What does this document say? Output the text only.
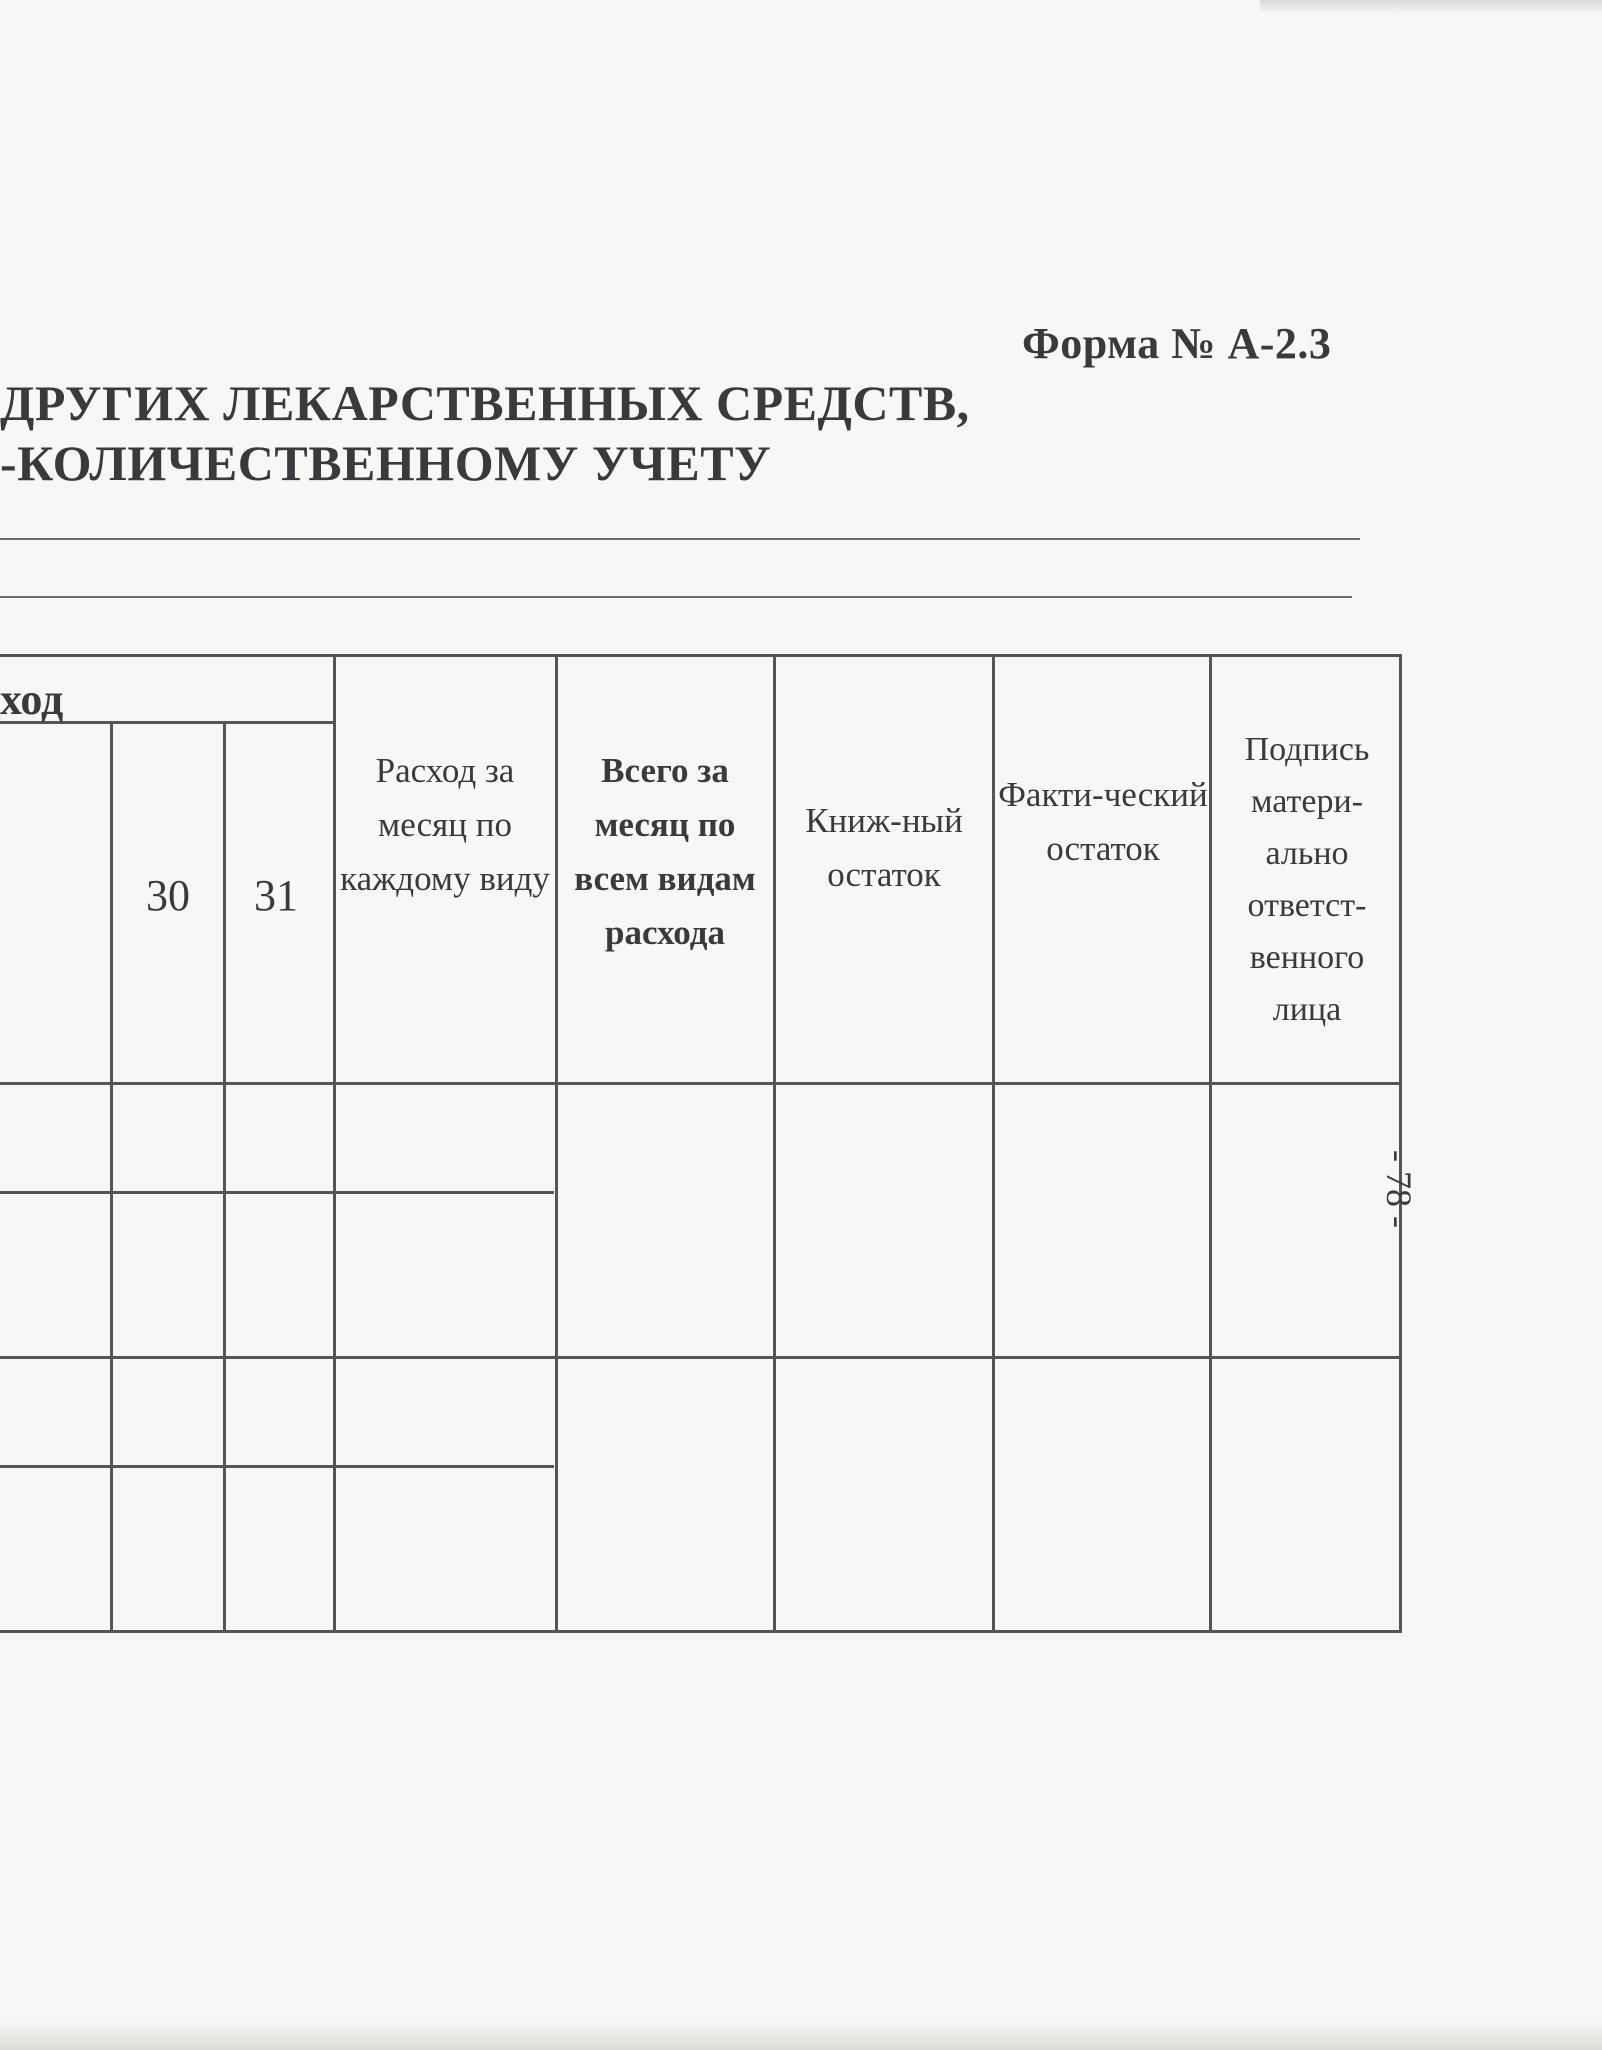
Форма № А-2.3
ДРУГИХ ЛЕКАРСТВЕННЫХ СРЕДСТВ,
-КОЛИЧЕСТВЕННОМУ УЧЕТУ
ход
30 31
Расход за месяц по каждому виду
Всего за месяц по всем видам расхода
Книж-ный остаток
Факти-ческий остаток
Подпись матери-ально ответст-венного лица
- 78 -
